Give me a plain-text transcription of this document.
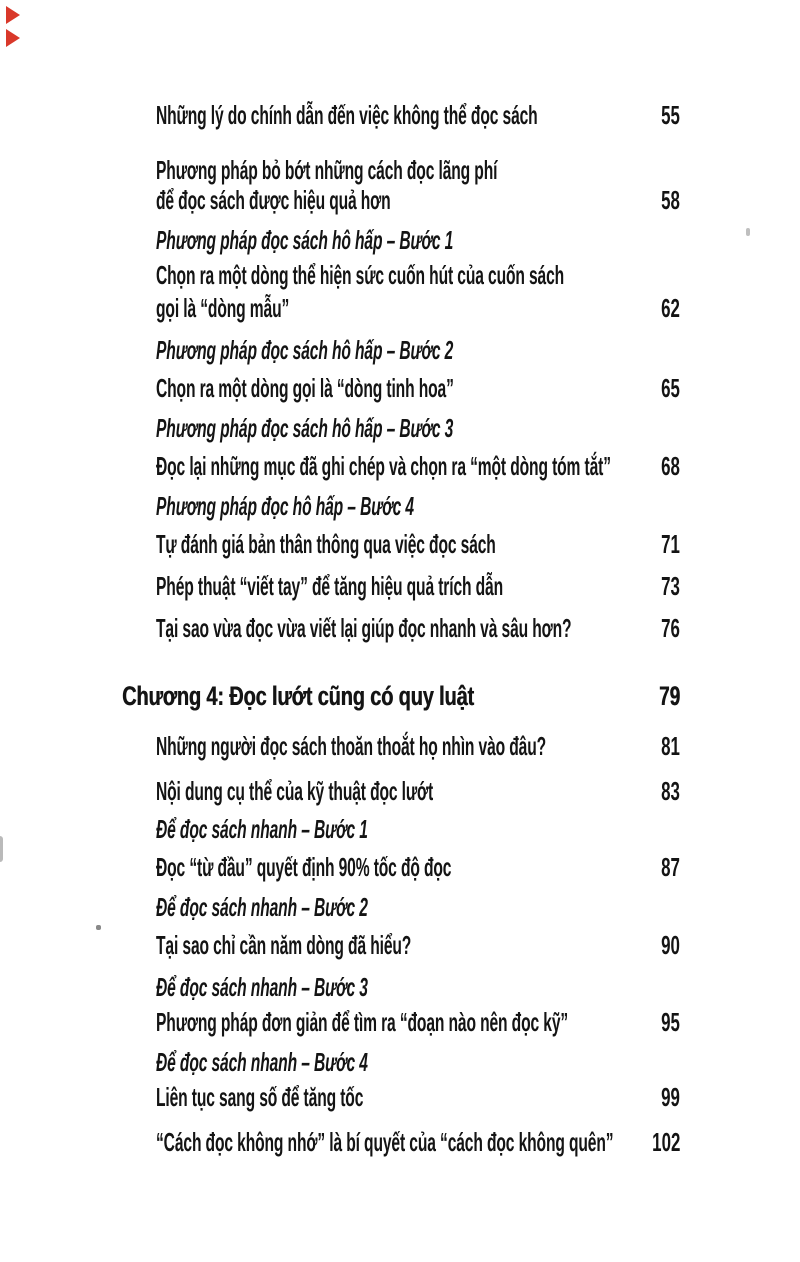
Những lý do chính dẫn đến việc không thể đọc sách	55
Phương pháp bỏ bớt những cách đọc lãng phí
để đọc sách được hiệu quả hơn	58
Phương pháp đọc sách hô hấp – Bước 1
Chọn ra một dòng thể hiện sức cuốn hút của cuốn sách
gọi là “dòng mẫu”	62
Phương pháp đọc sách hô hấp – Bước 2
Chọn ra một dòng gọi là “dòng tinh hoa”	65
Phương pháp đọc sách hô hấp – Bước 3
Đọc lại những mục đã ghi chép và chọn ra “một dòng tóm tắt” 68
Phương pháp đọc hô hấp – Bước 4
Tự đánh giá bản thân thông qua việc đọc sách	71
Phép thuật “viết tay” để tăng hiệu quả trích dẫn	73
Tại sao vừa đọc vừa viết lại giúp đọc nhanh và sâu hơn?	76
Chương 4: Đọc lướt cũng có quy luật	79
Những người đọc sách thoăn thoắt họ nhìn vào đâu?	81
Nội dung cụ thể của kỹ thuật đọc lướt	83
Để đọc sách nhanh – Bước 1
Đọc “từ đầu” quyết định 90% tốc độ đọc	87
Để đọc sách nhanh – Bước 2
Tại sao chỉ cần năm dòng đã hiểu?	90
Để đọc sách nhanh – Bước 3
Phương pháp đơn giản để tìm ra “đoạn nào nên đọc kỹ”	95
Để đọc sách nhanh – Bước 4
Liên tục sang số để tăng tốc	99
“Cách đọc không nhớ” là bí quyết của “cách đọc không quên” 102
